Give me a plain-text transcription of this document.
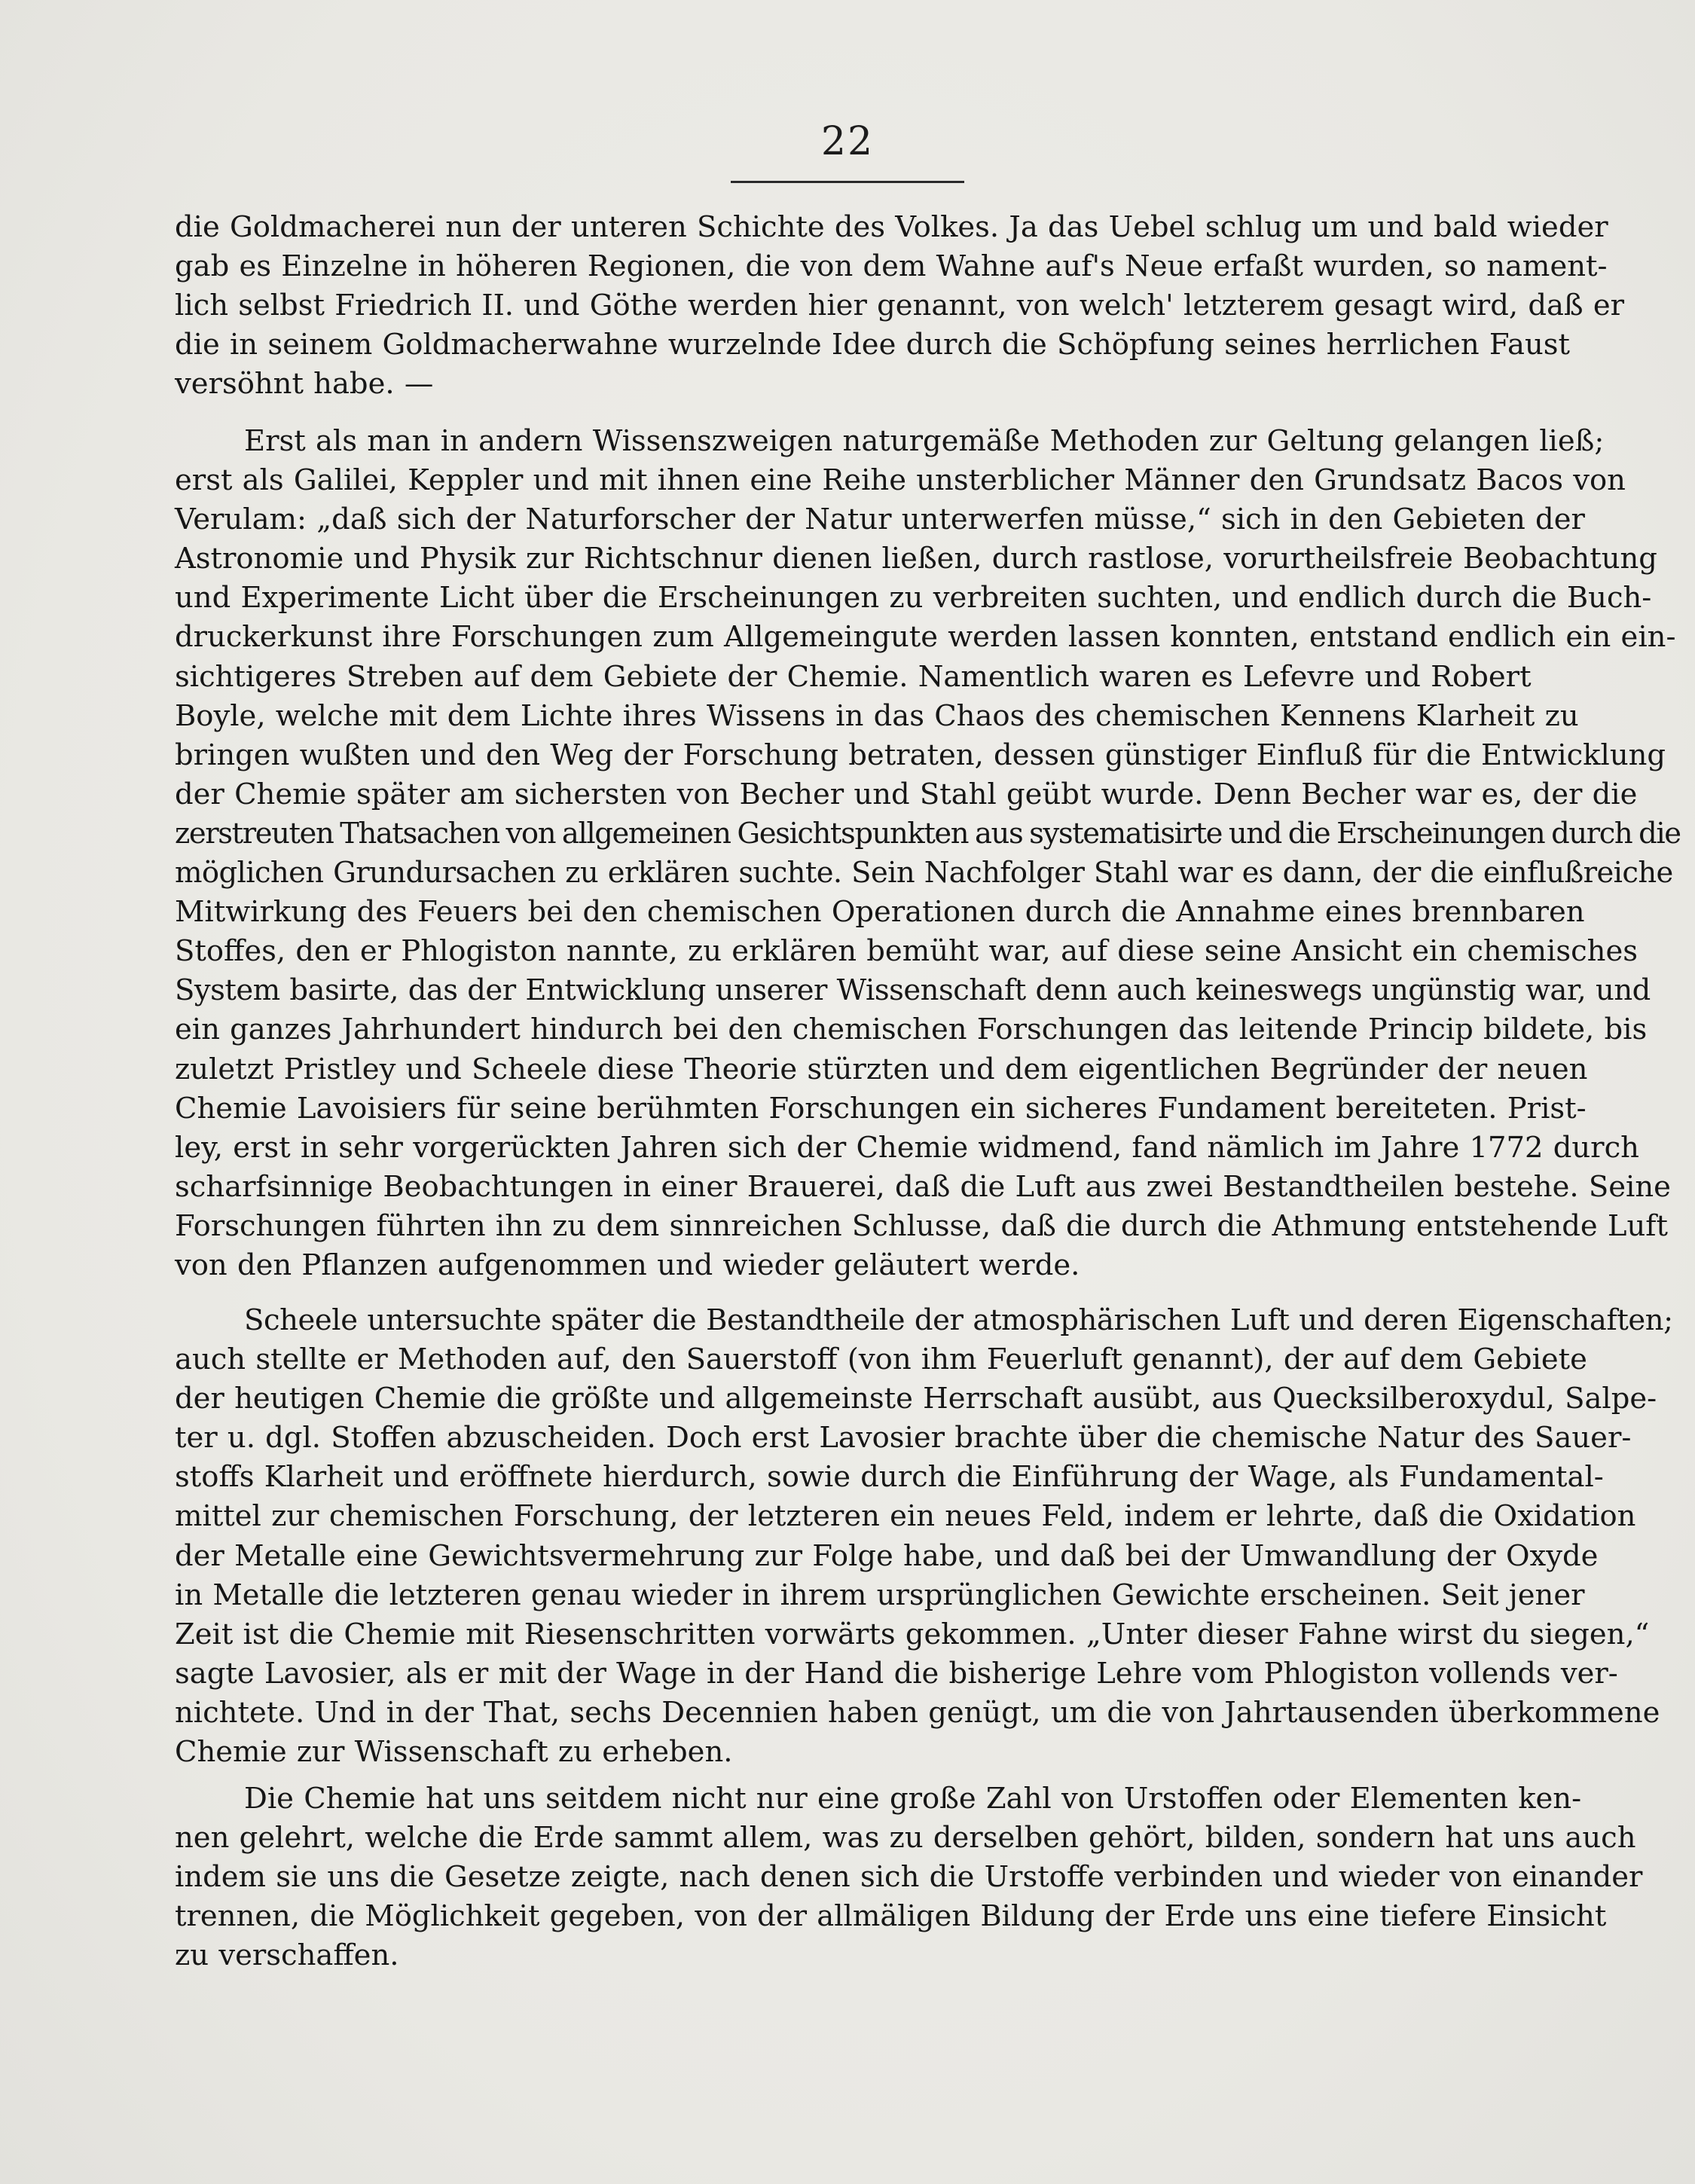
22
die Goldmacherei nun der unteren Schichte des Volkes. Ja das Uebel schlug um und bald wieder
gab es Einzelne in höheren Regionen, die von dem Wahne auf's Neue erfaßt wurden, so nament-
lich selbst Friedrich II. und Göthe werden hier genannt, von welch' letzterem gesagt wird, daß er
die in seinem Goldmacherwahne wurzelnde Idee durch die Schöpfung seines herrlichen Faust
versöhnt habe. —
Erst als man in andern Wissenszweigen naturgemäße Methoden zur Geltung gelangen ließ;
erst als Galilei, Keppler und mit ihnen eine Reihe unsterblicher Männer den Grundsatz Bacos von
Verulam: „daß sich der Naturforscher der Natur unterwerfen müsse,“ sich in den Gebieten der
Astronomie und Physik zur Richtschnur dienen ließen, durch rastlose, vorurtheilsfreie Beobachtung
und Experimente Licht über die Erscheinungen zu verbreiten suchten, und endlich durch die Buch-
druckerkunst ihre Forschungen zum Allgemeingute werden lassen konnten, entstand endlich ein ein-
sichtigeres Streben auf dem Gebiete der Chemie. Namentlich waren es Lefevre und Robert
Boyle, welche mit dem Lichte ihres Wissens in das Chaos des chemischen Kennens Klarheit zu
bringen wußten und den Weg der Forschung betraten, dessen günstiger Einfluß für die Entwicklung
der Chemie später am sichersten von Becher und Stahl geübt wurde. Denn Becher war es, der die
zerstreuten Thatsachen von allgemeinen Gesichtspunkten aus systematisirte und die Erscheinungen durch die
möglichen Grundursachen zu erklären suchte. Sein Nachfolger Stahl war es dann, der die einflußreiche
Mitwirkung des Feuers bei den chemischen Operationen durch die Annahme eines brennbaren
Stoffes, den er Phlogiston nannte, zu erklären bemüht war, auf diese seine Ansicht ein chemisches
System basirte, das der Entwicklung unserer Wissenschaft denn auch keineswegs ungünstig war, und
ein ganzes Jahrhundert hindurch bei den chemischen Forschungen das leitende Princip bildete, bis
zuletzt Pristley und Scheele diese Theorie stürzten und dem eigentlichen Begründer der neuen
Chemie Lavoisiers für seine berühmten Forschungen ein sicheres Fundament bereiteten. Prist-
ley, erst in sehr vorgerückten Jahren sich der Chemie widmend, fand nämlich im Jahre 1772 durch
scharfsinnige Beobachtungen in einer Brauerei, daß die Luft aus zwei Bestandtheilen bestehe. Seine
Forschungen führten ihn zu dem sinnreichen Schlusse, daß die durch die Athmung entstehende Luft
von den Pflanzen aufgenommen und wieder geläutert werde.
Scheele untersuchte später die Bestandtheile der atmosphärischen Luft und deren Eigenschaften;
auch stellte er Methoden auf, den Sauerstoff (von ihm Feuerluft genannt), der auf dem Gebiete
der heutigen Chemie die größte und allgemeinste Herrschaft ausübt, aus Quecksilberoxydul, Salpe-
ter u. dgl. Stoffen abzuscheiden. Doch erst Lavosier brachte über die chemische Natur des Sauer-
stoffs Klarheit und eröffnete hierdurch, sowie durch die Einführung der Wage, als Fundamental-
mittel zur chemischen Forschung, der letzteren ein neues Feld, indem er lehrte, daß die Oxidation
der Metalle eine Gewichtsvermehrung zur Folge habe, und daß bei der Umwandlung der Oxyde
in Metalle die letzteren genau wieder in ihrem ursprünglichen Gewichte erscheinen. Seit jener
Zeit ist die Chemie mit Riesenschritten vorwärts gekommen. „Unter dieser Fahne wirst du siegen,“
sagte Lavosier, als er mit der Wage in der Hand die bisherige Lehre vom Phlogiston vollends ver-
nichtete. Und in der That, sechs Decennien haben genügt, um die von Jahrtausenden überkommene
Chemie zur Wissenschaft zu erheben.
Die Chemie hat uns seitdem nicht nur eine große Zahl von Urstoffen oder Elementen ken-
nen gelehrt, welche die Erde sammt allem, was zu derselben gehört, bilden, sondern hat uns auch
indem sie uns die Gesetze zeigte, nach denen sich die Urstoffe verbinden und wieder von einander
trennen, die Möglichkeit gegeben, von der allmäligen Bildung der Erde uns eine tiefere Einsicht
zu verschaffen.
